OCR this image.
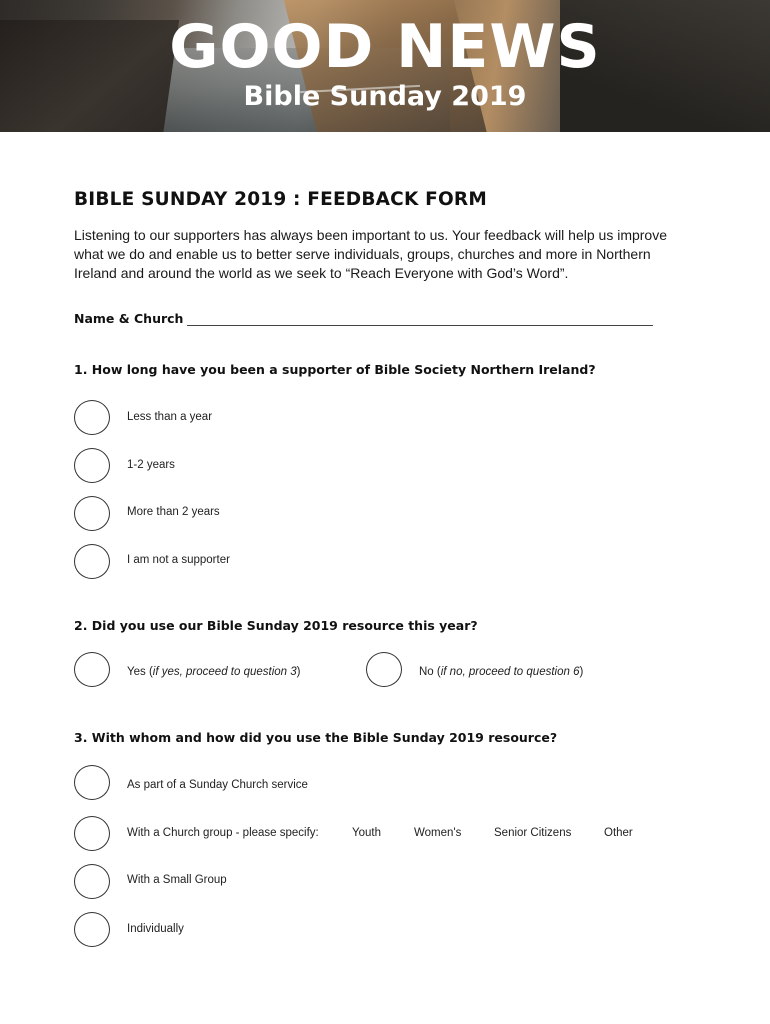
GOOD NEWS
Bible Sunday 2019
BIBLE SUNDAY 2019 : FEEDBACK FORM
Listening to our supporters has always been important to us. Your feedback will help us improve what we do and enable us to better serve individuals, groups, churches and more in Northern Ireland and around the world as we seek to “Reach Everyone with God’s Word”.
Name & Church
1. How long have you been a supporter of Bible Society Northern Ireland?
Less than a year
1-2 years
More than 2 years
I am not a supporter
2. Did you use our Bible Sunday 2019 resource this year?
Yes (if yes, proceed to question 3)	No (if no, proceed to question 6)
3. With whom and how did you use the Bible Sunday 2019 resource?
As part of a Sunday Church service
With a Church group - please specify:	Youth	Women's	Senior Citizens	Other
With a Small Group
Individually
